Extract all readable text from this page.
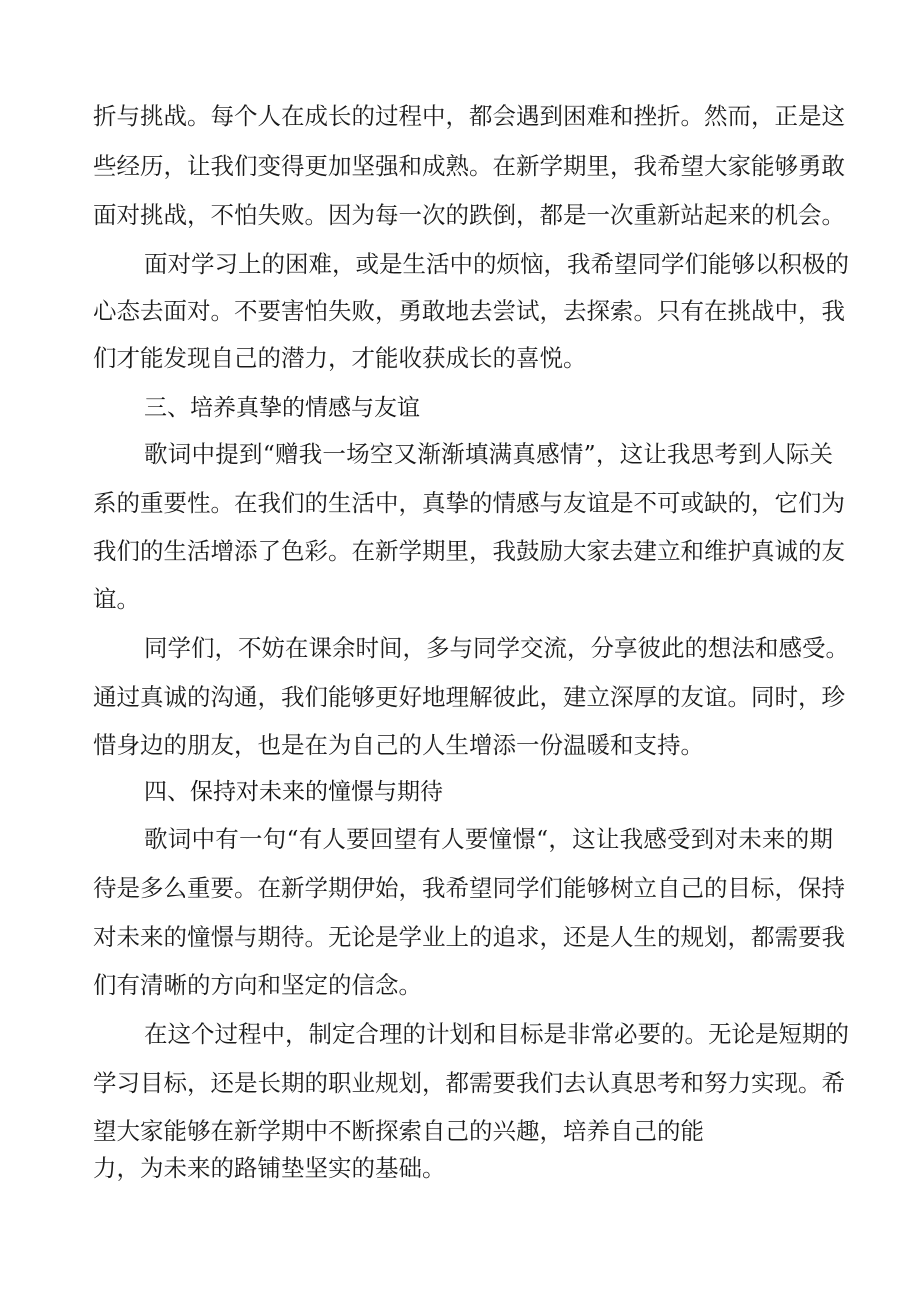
折与挑战。每个人在成长的过程中，都会遇到困难和挫折。然而，正是这
些经历，让我们变得更加坚强和成熟。在新学期里，我希望大家能够勇敢
面对挑战，不怕失败。因为每一次的跌倒，都是一次重新站起来的机会。
面对学习上的困难，或是生活中的烦恼，我希望同学们能够以积极的
心态去面对。不要害怕失败，勇敢地去尝试，去探索。只有在挑战中，我
们才能发现自己的潜力，才能收获成长的喜悦。
三、培养真挚的情感与友谊
歌词中提到“赠我一场空又渐渐填满真感情”，这让我思考到人际关
系的重要性。在我们的生活中，真挚的情感与友谊是不可或缺的，它们为
我们的生活增添了色彩。在新学期里，我鼓励大家去建立和维护真诚的友
谊。
同学们，不妨在课余时间，多与同学交流，分享彼此的想法和感受。
通过真诚的沟通，我们能够更好地理解彼此，建立深厚的友谊。同时，珍
惜身边的朋友，也是在为自己的人生增添一份温暖和支持。
四、保持对未来的憧憬与期待
歌词中有一句“有人要回望有人要憧憬“，这让我感受到对未来的期
待是多么重要。在新学期伊始，我希望同学们能够树立自己的目标，保持
对未来的憧憬与期待。无论是学业上的追求，还是人生的规划，都需要我
们有清晰的方向和坚定的信念。
在这个过程中，制定合理的计划和目标是非常必要的。无论是短期的
学习目标，还是长期的职业规划，都需要我们去认真思考和努力实现。希
望大家能够在新学期中不断探索自己的兴趣，培养自己的能
力，为未来的路铺垫坚实的基础。
